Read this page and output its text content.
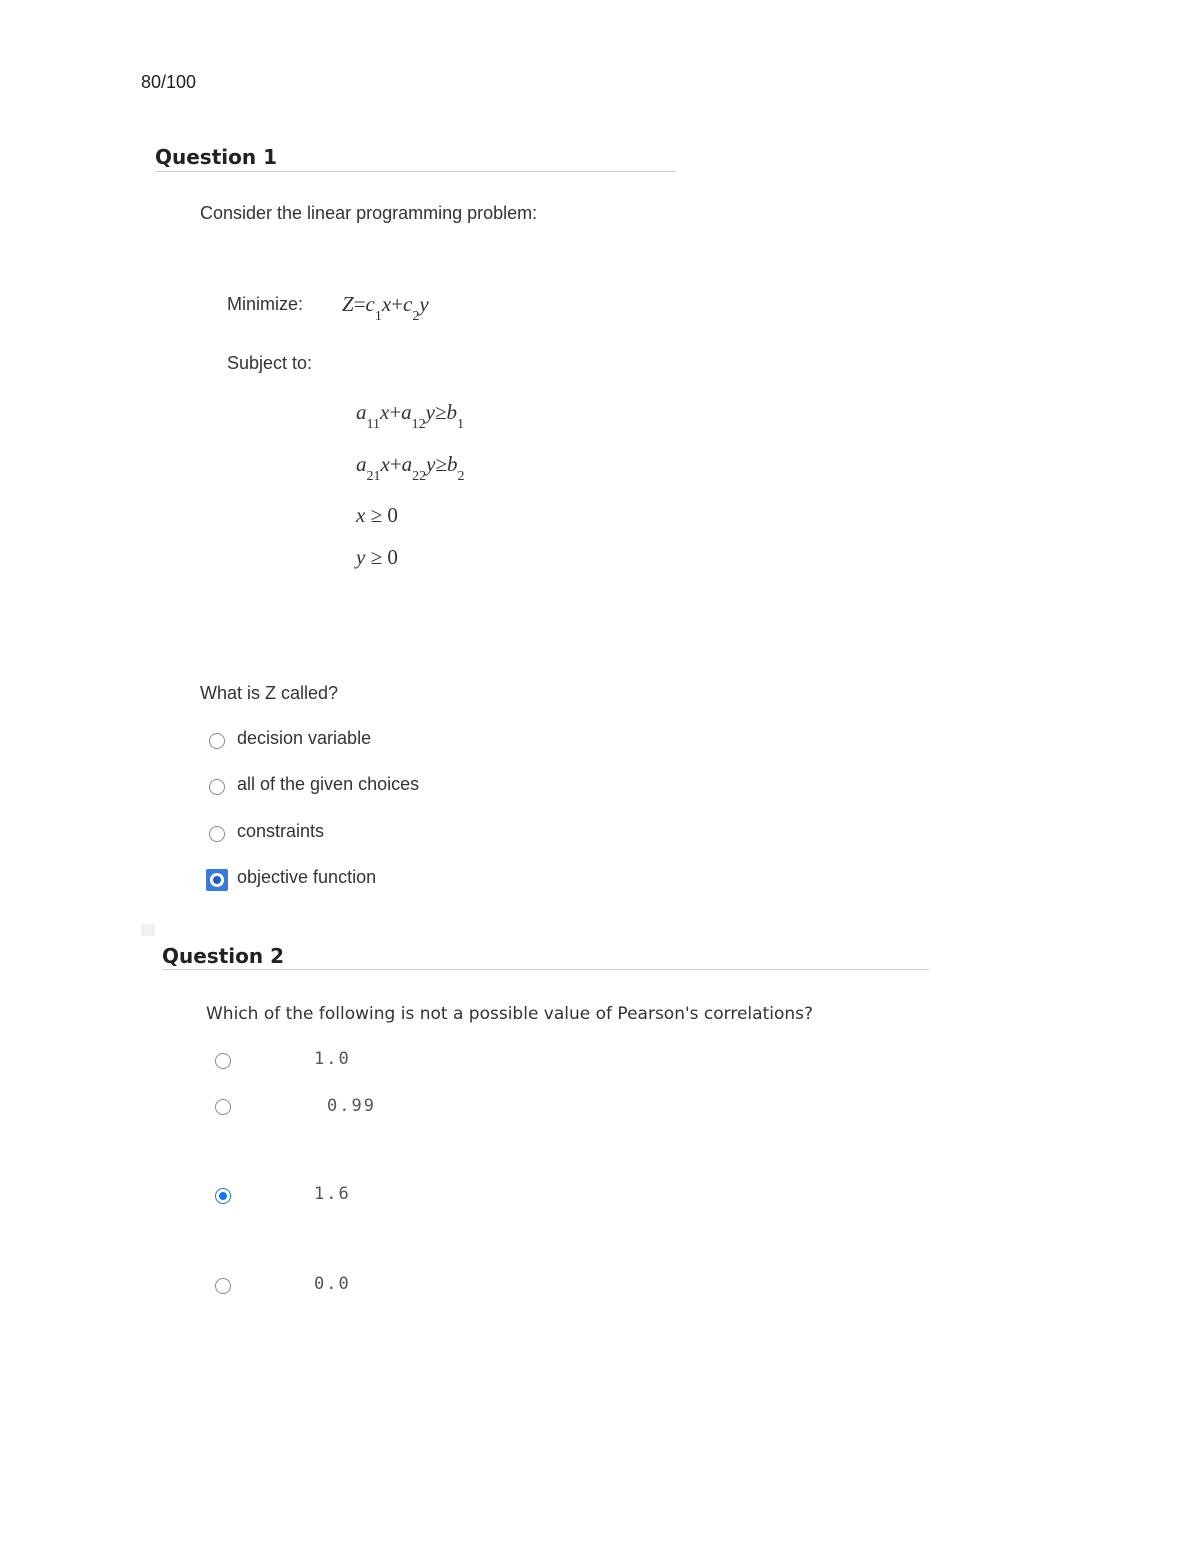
80/100
Question 1
Consider the linear programming problem:
Minimize: $Z=c_1x+c_2y$
Subject to:
$a_{11}x+a_{12}y\ge b_1$
$a_{21}x+a_{22}y\ge b_2$
x ≥ 0
y ≥ 0
What is Z called?
decision variable
all of the given choices
constraints
objective function
Question 2
Which of the following is not a possible value of Pearson's correlations?
1.0
0.99
1.6
0.0
